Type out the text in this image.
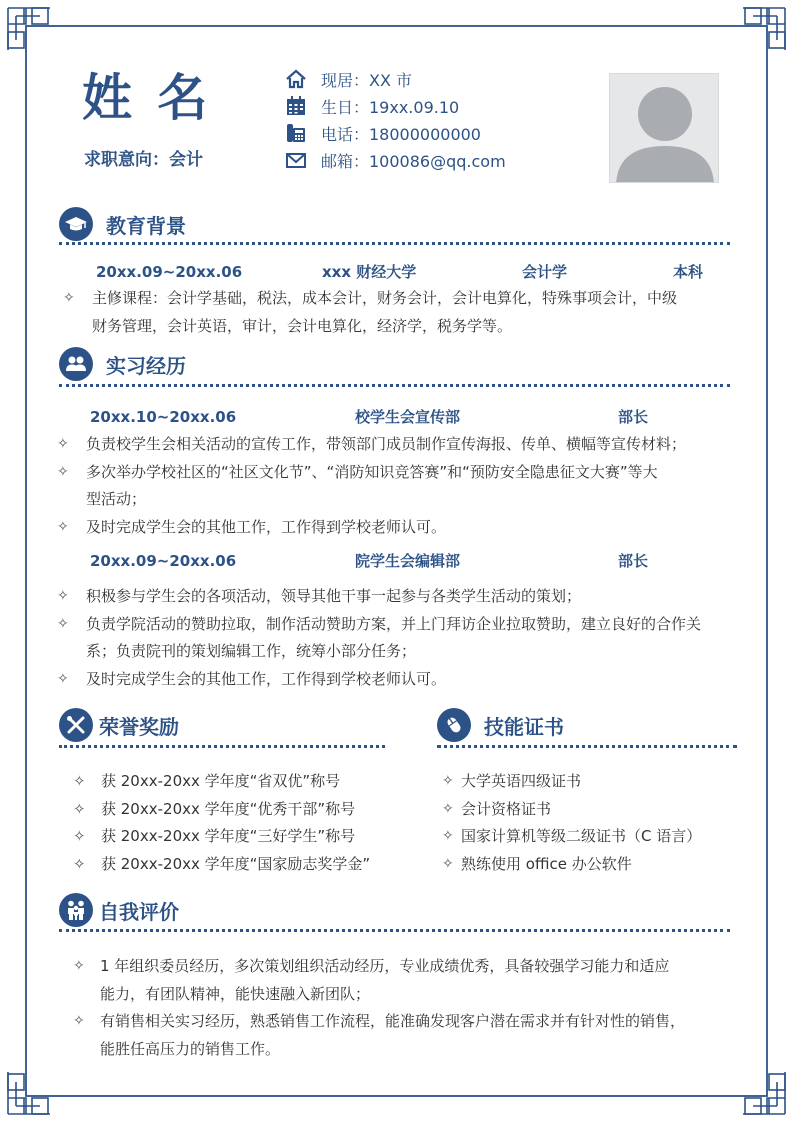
姓 名
求职意向：会计
现居：XX 市
生日：19xx.09.10
电话：18000000000
邮箱：100086@qq.com
教育背景
20xx.09~20xx.06	xxx 财经大学	会计学	本科
✧	主修课程：会计学基础，税法，成本会计，财务会计，会计电算化，特殊事项会计，中级
财务管理，会计英语，审计，会计电算化，经济学，税务学等。
实习经历
20xx.10~20xx.06	校学生会宣传部	部长
✧	负责校学生会相关活动的宣传工作，带领部门成员制作宣传海报、传单、横幅等宣传材料；
✧	多次举办学校社区的“社区文化节”、“消防知识竞答赛”和“预防安全隐患征文大赛”等大
型活动；
✧	及时完成学生会的其他工作，工作得到学校老师认可。
20xx.09~20xx.06	院学生会编辑部	部长
✧	积极参与学生会的各项活动，领导其他干事一起参与各类学生活动的策划；
✧	负责学院活动的赞助拉取，制作活动赞助方案，并上门拜访企业拉取赞助，建立良好的合作关
系；负责院刊的策划编辑工作，统筹小部分任务；
✧	及时完成学生会的其他工作，工作得到学校老师认可。
荣誉奖励
✧	获 20xx-20xx 学年度“省双优”称号
✧	获 20xx-20xx 学年度“优秀干部”称号
✧	获 20xx-20xx 学年度“三好学生”称号
✧	获 20xx-20xx 学年度“国家励志奖学金”
技能证书
✧ 大学英语四级证书
✧ 会计资格证书
✧ 国家计算机等级二级证书（C 语言）
✧ 熟练使用 office 办公软件
自我评价
✧	1 年组织委员经历，多次策划组织活动经历，专业成绩优秀，具备较强学习能力和适应
能力，有团队精神，能快速融入新团队；
✧	有销售相关实习经历，熟悉销售工作流程，能准确发现客户潜在需求并有针对性的销售，
能胜任高压力的销售工作。
